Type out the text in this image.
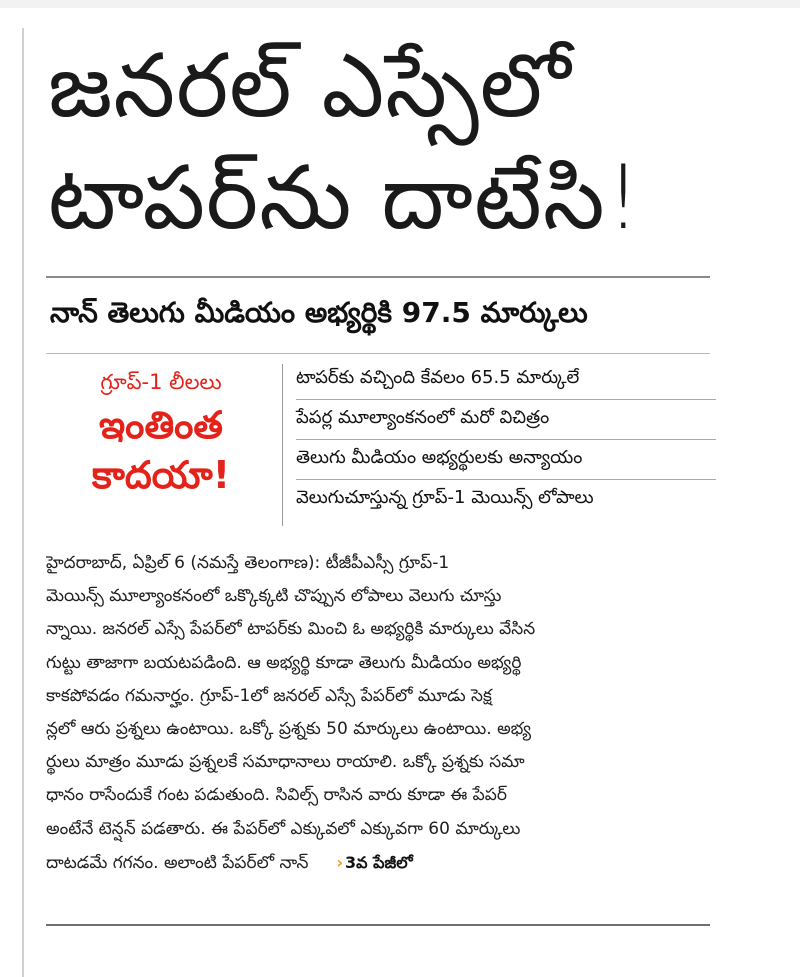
జనరల్ ఎస్సేలో
టాపర్‌ను దాటేసి!
నాన్ తెలుగు మీడియం అభ్యర్థికి 97.5 మార్కులు
గ్రూప్-1 లీలలు
ఇంతింత
కాదయా!
టాపర్‌కు వచ్చింది కేవలం 65.5 మార్కులే
పేపర్ల మూల్యాంకనంలో మరో విచిత్రం
తెలుగు మీడియం అభ్యర్థులకు అన్యాయం
వెలుగుచూస్తున్న గ్రూప్-1 మెయిన్స్ లోపాలు
హైదరాబాద్, ఏప్రిల్ 6 (నమస్తే తెలంగాణ): టీజీపీఎస్సీ గ్రూప్-1
మెయిన్స్ మూల్యాంకనంలో ఒక్కొక్కటి చొప్పున లోపాలు వెలుగు చూస్తు
న్నాయి. జనరల్ ఎస్సే పేపర్‌లో టాపర్‌కు మించి ఓ అభ్యర్థికి మార్కులు వేసిన
గుట్టు తాజాగా బయటపడింది. ఆ అభ్యర్థి కూడా తెలుగు మీడియం అభ్యర్థి
కాకపోవడం గమనార్హం. గ్రూప్-1లో జనరల్ ఎస్సే పేపర్‌లో మూడు సెక్ష
న్లలో ఆరు ప్రశ్నలు ఉంటాయి. ఒక్కో ప్రశ్నకు 50 మార్కులు ఉంటాయి. అభ్య
ర్థులు మాత్రం మూడు ప్రశ్నలకే సమాధానాలు రాయాలి. ఒక్కో ప్రశ్నకు సమా
ధానం రాసేందుకే గంట పడుతుంది. సివిల్స్ రాసిన వారు కూడా ఈ పేపర్
అంటేనే టెన్షన్ పడతారు. ఈ పేపర్‌లో ఎక్కువలో ఎక్కువగా 60 మార్కులు
దాటడమే గగనం. అలాంటి పేపర్‌లో నాన్ › 3వ పేజీలో
